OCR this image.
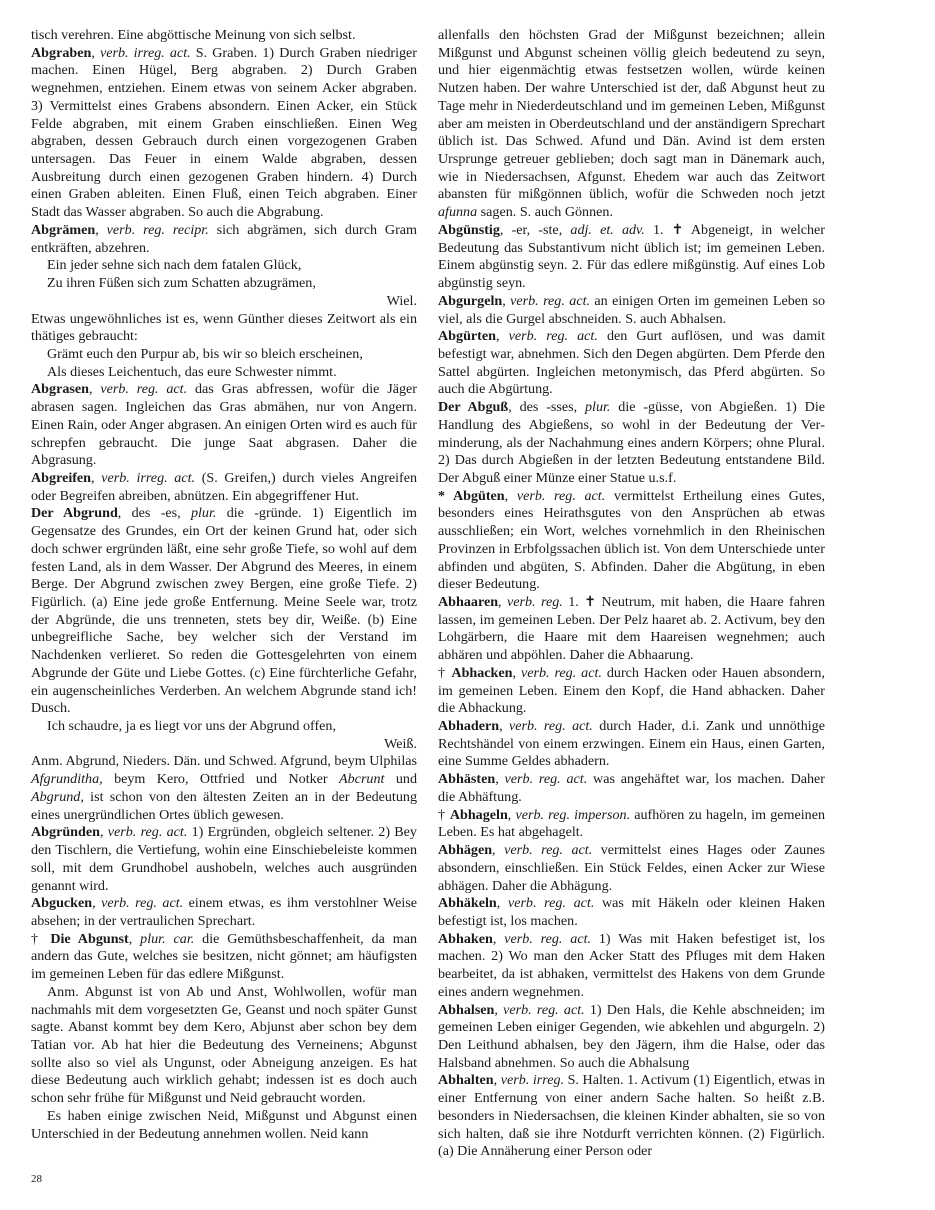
tisch verehren. Eine abgöttische Meinung von sich selbst.

Abgraben, verb. irreg. act. S. Graben. 1) Durch Graben niedriger machen. Einen Hügel, Berg abgraben. 2) Durch Graben wegnehmen, entziehen. Einem etwas von seinem Acker abgraben. 3) Vermittelst eines Grabens absondern. Einen Acker, ein Stück Felde abgraben, mit einem Graben einschließen. Einen Weg abgraben, dessen Gebrauch durch einen vorgezogenen Graben untersagen. Das Feuer in einem Walde abgraben, dessen Ausbreitung durch einen gezogenen Graben hindern. 4) Durch einen Graben ableiten. Einen Fluß, einen Teich abgraben. Einer Stadt das Wasser abgraben. So auch die Abgrabung.

Abgrämen, verb. reg. recipr. sich abgrämen, sich durch Gram entkräften, abzehren.

Ein jeder sehne sich nach dem fatalen Glück,

Zu ihren Füßen sich zum Schatten abzugrämen,

Wiel.

Etwas ungewöhnliches ist es, wenn Günther dieses Zeitwort als ein thätiges gebraucht:

Grämt euch den Purpur ab, bis wir so bleich erscheinen,

Als dieses Leichentuch, das eure Schwester nimmt.

Abgrasen, verb. reg. act. das Gras abfressen, wofür die Jäger abrasen sagen. Ingleichen das Gras abmähen, nur von Angern. Einen Rain, oder Anger abgrasen. An einigen Orten wird es auch für schrepfen gebraucht. Die junge Saat abgrasen. Daher die Abgrasung.

Abgreifen, verb. irreg. act. (S. Greifen,) durch vieles Angreifen oder Begreifen abreiben, abnützen. Ein abgegriffener Hut.

Der Abgrund, des -es, plur. die -gründe. 1) Eigentlich im Gegensatze des Grundes, ein Ort der keinen Grund hat, oder sich doch schwer ergründen läßt, eine sehr große Tiefe, so wohl auf dem festen Land, als in dem Wasser. Der Abgrund des Meeres, in einem Berge. Der Abgrund zwischen zwey Bergen, eine große Tiefe. 2) Figürlich. (a) Eine jede große Entfernung. Meine Seele war, trotz der Abgründe, die uns trenneten, stets bey dir, Weiße. (b) Eine unbegreifliche Sache, bey welcher sich der Verstand im Nachdenken verlieret. So reden die Gottesgelehrten von einem Abgrunde der Güte und Liebe Gottes. (c) Eine fürchterliche Gefahr, ein augenscheinliches Verderben. An welchem Abgrunde stand ich! Dusch.

Ich schaudre, ja es liegt vor uns der Abgrund offen,

Weiß.

Anm. Abgrund, Nieders. Dän. und Schwed. Afgrund, beym Ulphilas Afgrunditha, beym Kero, Ottfried und Notker Abcrunt und Abgrund, ist schon von den ältesten Zeiten an in der Bedeutung eines unergründlichen Ortes üblich gewesen.

Abgründen, verb. reg. act. 1) Ergründen, obgleich seltener. 2) Bey den Tischlern, die Vertiefung, wohin eine Einschiebeleiste kommen soll, mit dem Grundhobel aushobeln, welches auch ausgründen genannt wird.

Abgucken, verb. reg. act. einem etwas, es ihm verstohlner Weise absehen; in der vertraulichen Sprechart.

† Die Abgunst, plur. car. die Gemüthsbeschaffenheit, da man andern das Gute, welches sie besitzen, nicht gönnet; am häufigsten im gemeinen Leben für das edlere Mißgunst.

Anm. Abgunst ist von Ab und Anst, Wohlwollen, wofür man nachmahls mit dem vorgesetzten Ge, Geanst und noch später Gunst sagte. Abanst kommt bey dem Kero, Abjunst aber schon bey dem Tatian vor. Ab hat hier die Bedeutung des Verneinens; Abgunst sollte also so viel als Ungunst, oder Abneigung anzeigen. Es hat diese Bedeutung auch wirklich gehabt; indessen ist es doch auch schon sehr frühe für Mißgunst und Neid gebraucht worden.

Es haben einige zwischen Neid, Mißgunst und Abgunst einen Unterschied in der Bedeutung annehmen wollen. Neid kann

allenfalls den höchsten Grad der Mißgunst bezeichnen; allein Mißgunst und Abgunst scheinen völlig gleich bedeutend zu seyn, und hier eigenmächtig etwas festsetzen wollen, würde keinen Nutzen haben. Der wahre Unterschied ist der, daß Abgunst heut zu Tage mehr in Niederdeutschland und im gemeinen Leben, Mißgunst aber am meisten in Oberdeutschland und der anständigern Sprechart üblich ist. Das Schwed. Afund und Dän. Avind ist dem ersten Ursprunge getreuer geblieben; doch sagt man in Dänemark auch, wie in Niedersachsen, Afgunst. Ehedem war auch das Zeitwort abansten für mißgönnen üblich, wofür die Schweden noch jetzt afunna sagen. S. auch Gönnen.

Abgünstig, -er, -ste, adj. et. adv. 1. ✝ Abgeneigt, in welcher Bedeutung das Substantivum nicht üblich ist; im gemeinen Leben. Einem abgünstig seyn. 2. Für das edlere mißgünstig. Auf eines Lob abgünstig seyn.

Abgurgeln, verb. reg. act. an einigen Orten im gemeinen Leben so viel, als die Gurgel abschneiden. S. auch Abhalsen.

Abgürten, verb. reg. act. den Gurt auflösen, und was damit befestigt war, abnehmen. Sich den Degen abgürten. Dem Pferde den Sattel abgürten. Ingleichen metonymisch, das Pferd abgürten. So auch die Abgürtung.

Der Abguß, des -sses, plur. die -güsse, von Abgießen. 1) Die Handlung des Abgießens, so wohl in der Bedeutung der Verminderung, als der Nachahmung eines andern Körpers; ohne Plural. 2) Das durch Abgießen in der letzten Bedeutung entstandene Bild. Der Abguß einer Münze einer Statue u.s.f.

* Abgüten, verb. reg. act. vermittelst Ertheilung eines Gutes, besonders eines Heirathsgutes von den Ansprüchen ab etwas ausschließen; ein Wort, welches vornehmlich in den Rheinischen Provinzen in Erbfolgssachen üblich ist. Von dem Unterschiede unter abfinden und abgüten, S. Abfinden. Daher die Abgütung, in eben dieser Bedeutung.

Abhaaren, verb. reg. 1. ✝ Neutrum, mit haben, die Haare fahren lassen, im gemeinen Leben. Der Pelz haaret ab. 2. Activum, bey den Lohgärbern, die Haare mit dem Haareisen wegnehmen; auch abhären und abpöhlen. Daher die Abhaarung.

† Abhacken, verb. reg. act. durch Hacken oder Hauen absondern, im gemeinen Leben. Einem den Kopf, die Hand abhacken. Daher die Abhackung.

Abhadern, verb. reg. act. durch Hader, d.i. Zank und unnöthige Rechtshändel von einem erzwingen. Einem ein Haus, einen Garten, eine Summe Geldes abhadern.

Abhästen, verb. reg. act. was angehäftet war, los machen. Daher die Abhäftung.

† Abhageln, verb. reg. imperson. aufhören zu hageln, im gemeinen Leben. Es hat abgehagelt.

Abhägen, verb. reg. act. vermittelst eines Hages oder Zaunes absondern, einschließen. Ein Stück Feldes, einen Acker zur Wiese abhägen. Daher die Abhägung.

Abhäkeln, verb. reg. act. was mit Häkeln oder kleinen Haken befestigt ist, los machen.

Abhaken, verb. reg. act. 1) Was mit Haken befestiget ist, los machen. 2) Wo man den Acker Statt des Pfluges mit dem Haken bearbeitet, da ist abhaken, vermittelst des Hakens von dem Grunde eines andern wegnehmen.

Abhalsen, verb. reg. act. 1) Den Hals, die Kehle abschneiden; im gemeinen Leben einiger Gegenden, wie abkehlen und abgurgeln. 2) Den Leithund abhalsen, bey den Jägern, ihm die Halse, oder das Halsband abnehmen. So auch die Abhalsung

Abhalten, verb. irreg. S. Halten. 1. Activum (1) Eigentlich, etwas in einer Entfernung von einer andern Sache halten. So heißt z.B. besonders in Niedersachsen, die kleinen Kinder abhalten, sie so von sich halten, daß sie ihre Notdurft verrichten können. (2) Figürlich. (a) Die Annäherung einer Person oder

28
